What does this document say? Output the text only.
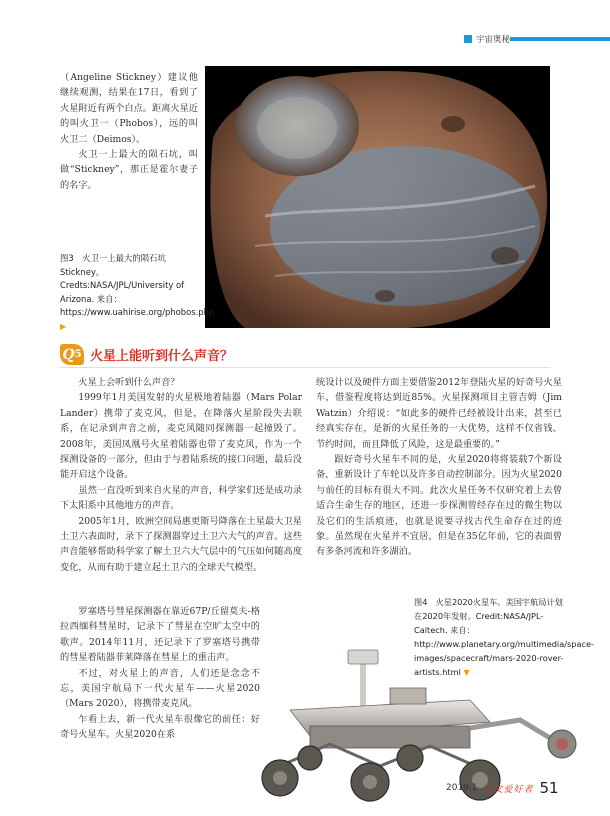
宇宙奥秘

（Angeline Stickney）建议他继续观测，结果在17日，看到了火星附近有两个白点。距离火星近的叫火卫一（Phobos），远的叫火卫二（Deimos）。

火卫一上最大的陨石坑，叫做“Stickney”，那正是霍尔妻子的名字。

图3　火卫一上最大的陨石坑Stickney。Credts:NASA/JPL/University of Arizona. 来自：https://www.uahirise.org/phobos.php ▶
Q 5 火星上能听到什么声音？

火星上会听到什么声音？

1999年1月美国发射的火星极地着陆器（Mars Polar Lander）携带了麦克风，但是，在降落火星阶段失去联系，在记录到声音之前，麦克风随同探测器一起撞毁了。2008年，美国凤凰号火星着陆器也带了麦克风，作为一个探测设备的一部分，但由于与着陆系统的接口问题，最后没能开启这个设备。

虽然一直没听到来自火星的声音，科学家们还是成功录下太阳系中其他地方的声音。

2005年1月，欧洲空间局惠更斯号降落在土星最大卫星土卫六表面时，录下了探测器穿过土卫六大气的声音。这些声音能够帮助科学家了解土卫六大气层中的气压如何随高度变化，从而有助于建立起土卫六的全球天气模型。

罗塞塔号彗星探测器在靠近67P/丘留莫夫-格拉西缅科彗星时，记录下了彗星在空旷太空中的歌声。2014年11月，还记录下了罗塞塔号携带的彗星着陆器菲莱降落在彗星上的重击声。

不过，对火星上的声音，人们还是念念不忘，美国宇航局下一代火星车——火星2020（Mars 2020），将携带麦克风。

乍看上去，新一代火星车很像它的前任：好奇号火星车。火星2020在系

统设计以及硬件方面主要借鉴2012年登陆火星的好奇号火星车，借鉴程度将达到近85%。火星探测项目主管吉姆（Jim Watzin）介绍说：“如此多的硬件已经被设计出来，甚至已经真实存在，是新的火星任务的一大优势，这样不仅省钱、节约时间，而且降低了风险，这是最重要的。”

跟好奇号火星车不同的是，火星2020将将装载7个新设备，重新设计了车轮以及许多自动控制部分。因为火星2020与前任的目标有很大不同。此次火星任务不仅研究着上去曾适合生命生存的地区，还进一步探测曾经存在过的微生物以及它们的生活痕迹，也就是说要寻找古代生命存在过的迹象。虽然现在火星并不宜居，但是在35亿年前，它的表面曾有多条河流和许多湖泊。

图4　火星2020火星车。美国宇航局计划在2020年发射。Credit:NASA/JPL-Caltech. 来自：http://www.planetary.org/multimedia/space-images/spacecraft/mars-2020-rover-artists.html ▼
2019.1 天文爱好者 51
